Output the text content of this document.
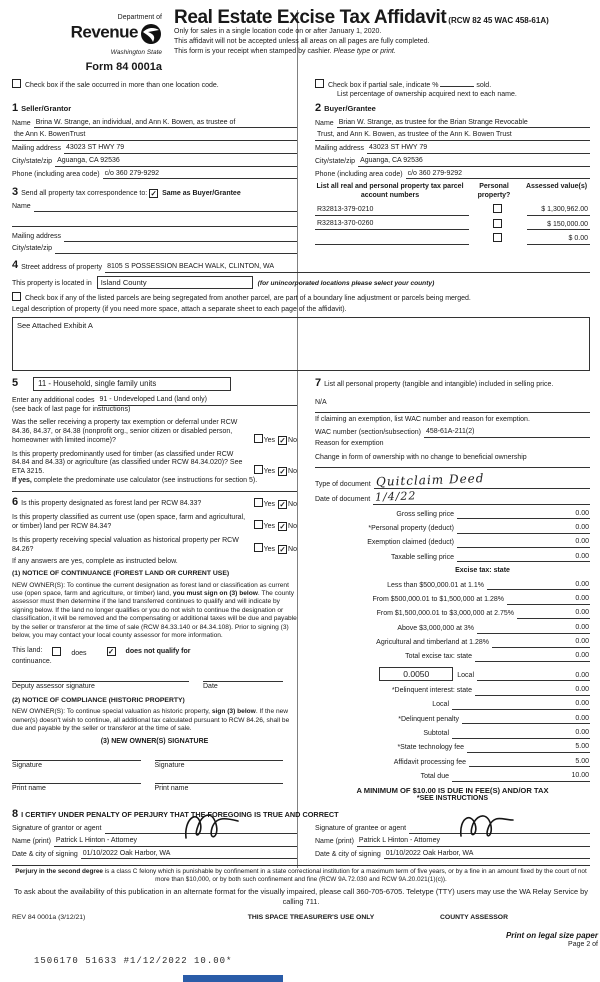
Department of
Revenue
Washington State
Form 84 0001a
Real Estate Excise Tax Affidavit (RCW 82 45 WAC 458-61A)
Only for sales in a single location code on or after January 1, 2020.
This affidavit will not be accepted unless all areas on all pages are fully completed.
This form is your receipt when stamped by cashier. Please type or print.
Check box if the sale occurred in more than one location code.	Check box if partial sale, indicate %	sold.
List percentage of ownership acquired next to each name.
1 Seller/Grantor
Name Brina W. Strange, an individual, and Ann K. Bowen, as trustee of
the Ann K. BowenTrust
Mailing address 43023 ST HWY 79
City/state/zip Aguanga, CA 92536
Phone (including area code) c/o 360 279-9292
3 Send all property tax correspondence to: ✓ Same as Buyer/Grantee
Name
Mailing address
City/state/zip
2 Buyer/Grantee
Name Brian W. Strange, as trustee for the Brian Strange Revocable
Trust, and Ann K. Bowen, as trustee of the Ann K. Bowen Trust
Mailing address 43023 ST HWY 79
City/state/zip Aguanga, CA 92536
Phone (including area code) c/o 360 279-9292
List all real and personal property tax parcel account numbers
Personal property?
Assessed value(s)
R32813-379-0210	$ 1,300,962.00
R32813-370-0260	$ 150,000.00
$ 0.00
4 Street address of property 8105 S POSSESSION BEACH WALK, CLINTON, WA
This property is located in Island County	(for unincorporated locations please select your county)
Check box if any of the listed parcels are being segregated from another parcel, are part of a boundary line adjustment or parcels being merged.
Legal description of property (if you need more space, attach a separate sheet to each page of the affidavit).
See Attached Exhibit A
5	11 - Household, single family units
Enter any additional codes 91 - Undeveloped Land (land only)
(see back of last page for instructions)
Was the seller receiving a property tax exemption or deferral under RCW 84.36, 84.37, or 84.38 (nonprofit org., senior citizen or disabled person, homeowner with limited income)?	Yes ✓ No
Is this property predominantly used for timber (as classified under RCW 84.84 and 84.33) or agriculture (as classified under RCW 84.34.020)? See ETA 3215.	Yes ✓ No
If yes, complete the predominate use calculator (see instructions for section 5).
6 Is this property designated as forest land per RCW 84.33?	Yes ✓ No
Is this property classified as current use (open space, farm and agricultural, or timber) land per RCW 84.34?	Yes ✓ No
Is this property receiving special valuation as historical property per RCW 84.26?	Yes ✓ No
If any answers are yes, complete as instructed below.
(1) NOTICE OF CONTINUANCE (FOREST LAND OR CURRENT USE)
NEW OWNER(S): To continue the current designation as forest land or classification as current use (open space, farm and agriculture, or timber) land, you must sign on (3) below. The county assessor must then determine if the land transferred continues to qualify and will indicate by signing below. If the land no longer qualifies or you do not wish to continue the designation or classification, it will be removed and the compensating or additional taxes will be due and payable by the seller or transferor at the time of sale (RCW 84.33.140 or 84.34.108). Prior to signing (3) below, you may contact your local county assessor for more information.
This land:	does	✓ does not qualify for
continuance.
Deputy assessor signature	Date
(2) NOTICE OF COMPLIANCE (HISTORIC PROPERTY)
NEW OWNER(S): To continue special valuation as historic property, sign (3) below. If the new owner(s) doesn't wish to continue, all additional tax calculated pursuant to RCW 84.26, shall be due and payable by the seller or transferor at the time of sale.
(3) NEW OWNER(S) SIGNATURE
Signature	Signature
Print name	Print name
7 List all personal property (tangible and intangible) included in selling price.
N/A
If claiming an exemption, list WAC number and reason for exemption.
WAC number (section/subsection) 458-61A-211(2)
Reason for exemption
Change in form of ownership with no change to beneficial ownership
Type of document Quitclaim Deed
Date of document 1/4/22
Gross selling price	0.00
*Personal property (deduct)	0.00
Exemption claimed (deduct)	0.00
Taxable selling price	0.00
Excise tax: state
Less than $500,000.01 at 1.1%	0.00
From $500,000.01 to $1,500,000 at 1.28%	0.00
From $1,500,000.01 to $3,000,000 at 2.75%	0.00
Above $3,000,000 at 3%	0.00
Agricultural and timberland at 1.28%	0.00
Total excise tax: state	0.00
0.0050	Local	0.00
*Delinquent interest: state	0.00
Local	0.00
*Delinquent penalty	0.00
Subtotal	0.00
*State technology fee	5.00
Affidavit processing fee	5.00
Total due	10.00
A MINIMUM OF $10.00 IS DUE IN FEE(S) AND/OR TAX
*SEE INSTRUCTIONS
8 I CERTIFY UNDER PENALTY OF PERJURY THAT THE FOREGOING IS TRUE AND CORRECT
Signature of grantor or agent
Name (print) Patrick L Hinton - Attorney
Date & city of signing 01/10/2022 Oak Harbor, WA
Signature of grantee or agent
Name (print) Patrick L Hinton - Attorney
Date & city of signing 01/10/2022 Oak Harbor, WA
Perjury in the second degree is a class C felony which is punishable by confinement in a state correctional institution for a maximum term of five years, or by a fine in an amount fixed by the court of not more than $10,000, or by both such confinement and fine (RCW 9A.72.030 and RCW 9A.20.021(1)(c)).
To ask about the availability of this publication in an alternate format for the visually impaired, please call 360-705-6705. Teletype (TTY) users may use the WA Relay Service by calling 711.
REV 84 0001a (3/12/21)	THIS SPACE TREASURER'S USE ONLY	COUNTY ASSESSOR
1506170 51633 #1/12/2022 10.00*
Print on legal size paper
Page 2 of
